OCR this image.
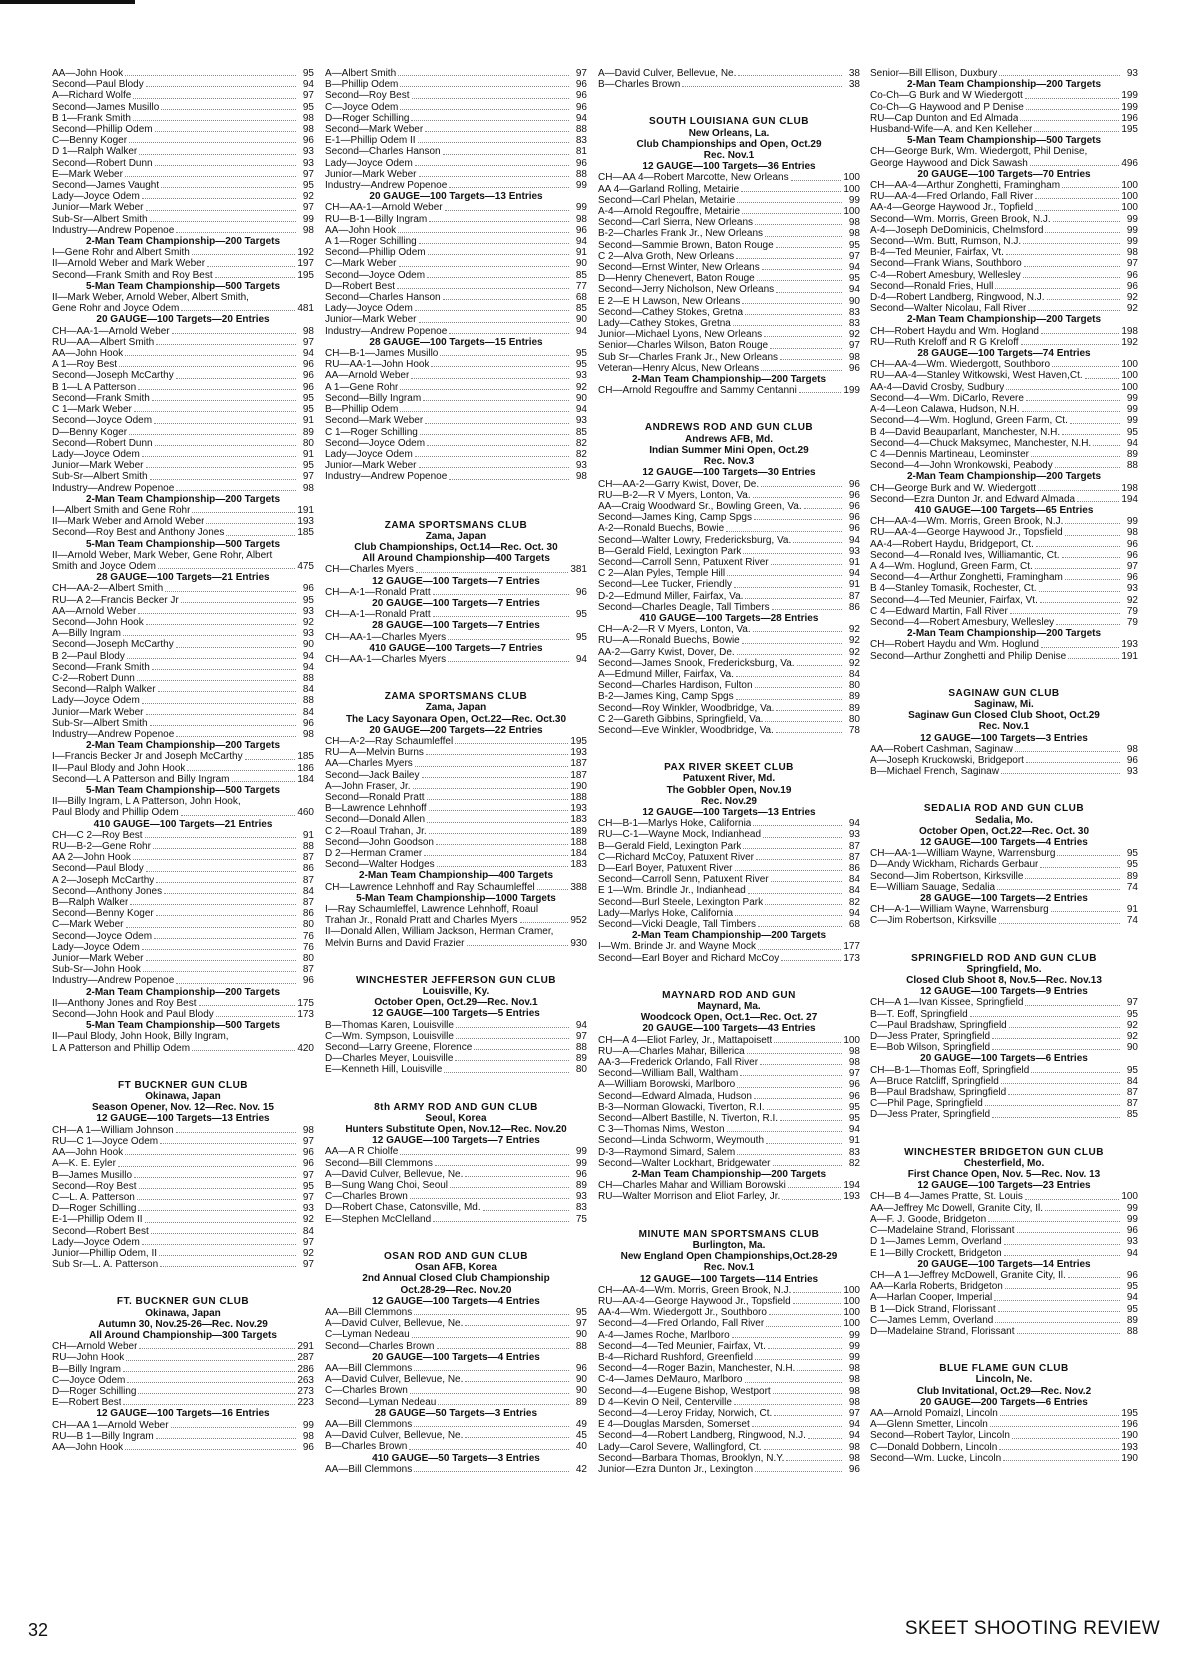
AA—John Hook	95
Second—Paul Blody	94
A—Richard Wolfe	97
Second—James Musillo	95
B 1—Frank Smith	98
Second—Phillip Odem	98
C—Benny Koger	96
D 1—Ralph Walker	93
Second—Robert Dunn	93
E—Mark Weber	97
Second—James Vaught	95
Lady—Joyce Odem	92
Junior—Mark Weber	97
Sub-Sr—Albert Smith	99
Industry—Andrew Popenoe	98
2-Man Team Championship—200 Targets
I—Gene Rohr and Albert Smith	192
II—Arnold Weber and Mark Weber	197
Second—Frank Smith and Roy Best	195
5-Man Team Championship—500 Targets
II—Mark Weber, Arnold Weber, Albert Smith,
Gene Rohr and Joyce Odem	481
20 GAUGE—100 Targets—20 Entries
CH—AA-1—Arnold Weber	98
RU—AA—Albert Smith	97
AA—John Hook	94
A 1—Roy Best	96
Second—Joseph McCarthy	96
B 1—L A Patterson	96
Second—Frank Smith	95
C 1—Mark Weber	95
Second—Joyce Odem	91
D—Benny Koger	89
Second—Robert Dunn	80
Lady—Joyce Odem	91
Junior—Mark Weber	95
Sub-Sr—Albert Smith	97
Industry—Andrew Popenoe	98
2-Man Team Championship—200 Targets
I—Albert Smith and Gene Rohr	191
II—Mark Weber and Arnold Weber	193
Second—Roy Best and Anthony Jones	185
5-Man Team Championship—500 Targets
II—Arnold Weber, Mark Weber, Gene Rohr, Albert
Smith and Joyce Odem	475
28 GAUGE—100 Targets—21 Entries
CH—AA-2—Albert Smith	96
RU—A 2—Francis Becker Jr	95
AA—Arnold Weber	93
Second—John Hook	92
A—Billy Ingram	93
Second—Joseph McCarthy	90
B 2—Paul Blody	94
Second—Frank Smith	94
C-2—Robert Dunn	88
Second—Ralph Walker	84
Lady—Joyce Odem	88
Junior—Mark Weber	84
Sub-Sr—Albert Smith	96
Industry—Andrew Popenoe	98
2-Man Team Championship—200 Targets
I—Francis Becker Jr and Joseph McCarthy	185
II—Paul Blody and John Hook	186
Second—L A Patterson and Billy Ingram	184
5-Man Team Championship—500 Targets
II—Billy Ingram, L A Patterson, John Hook,
Paul Blody and Phillip Odem	460
410 GAUGE—100 Targets—21 Entries
CH—C 2—Roy Best	91
RU—B-2—Gene Rohr	88
AA 2—John Hook	87
Second—Paul Blody	86
A 2—Joseph McCarthy	87
Second—Anthony Jones	84
B—Ralph Walker	87
Second—Benny Koger	86
C—Mark Weber	80
Second—Joyce Odem	76
Lady—Joyce Odem	76
Junior—Mark Weber	80
Sub-Sr—John Hook	87
Industry—Andrew Popenoe	96
2-Man Team Championship—200 Targets
II—Anthony Jones and Roy Best	175
Second—John Hook and Paul Blody	173
5-Man Team Championship—500 Targets
II—Paul Blody, John Hook, Billy Ingram,
L A Patterson and Phillip Odem	420
FT BUCKNER GUN CLUB
Okinawa, Japan
Season Opener, Nov. 12—Rec. Nov. 15
12 GAUGE—100 Targets—13 Entries
CH—A 1—William Johnson	98
RU—C 1—Joyce Odem	97
AA—John Hook	96
A—K. E. Eyler	96
B—James Musillo	97
Second—Roy Best	95
C—L. A. Patterson	97
D—Roger Schilling	93
E-1—Phillip Odem II	92
Second—Robert Best	84
Lady—Joyce Odem	97
Junior—Phillip Odem, II	92
Sub Sr—L. A. Patterson	97
FT. BUCKNER GUN CLUB
Okinawa, Japan
Autumn 30, Nov.25-26—Rec. Nov.29
All Around Championship—300 Targets
CH—Arnold Weber	291
RU—John Hook	287
B—Billy Ingram	286
C—Joyce Odem	263
D—Roger Schilling	273
E—Robert Best	223
12 GAUGE—100 Targets—16 Entries
CH—AA 1—Arnold Weber	99
RU—B 1—Billy Ingram	98
AA—John Hook	96
A—Albert Smith	97
B—Phillip Odem	96
Second—Roy Best	96
C—Joyce Odem	96
D—Roger Schilling	94
Second—Mark Weber	88
E-1—Phillip Odem II	83
Second—Charles Hanson	81
Lady—Joyce Odem	96
Junior—Mark Weber	88
Industry—Andrew Popenoe	99
20 GAUGE—100 Targets—13 Entries
CH—AA-1—Arnold Weber	99
RU—B-1—Billy Ingram	98
AA—John Hook	96
A 1—Roger Schilling	94
Second—Phillip Odem	91
C—Mark Weber	90
Second—Joyce Odem	85
D—Robert Best	77
Second—Charles Hanson	68
Lady—Joyce Odem	85
Junior—Mark Weber	90
Industry—Andrew Popenoe	94
28 GAUGE—100 Targets—15 Entries
CH—B-1—James Musillo	95
RU—AA-1—John Hook	95
AA—Arnold Weber	93
A 1—Gene Rohr	92
Second—Billy Ingram	90
B—Phillip Odem	94
Second—Mark Weber	93
C 1—Roger Schilling	85
Second—Joyce Odem	82
Lady—Joyce Odem	82
Junior—Mark Weber	93
Industry—Andrew Popenoe	98
ZAMA SPORTSMANS CLUB
Zama, Japan
Club Championships, Oct.14—Rec. Oct. 30
All Around Championship—400 Targets
CH—Charles Myers	381
12 GAUGE—100 Targets—7 Entries
CH—A-1—Ronald Pratt	96
20 GAUGE—100 Targets—7 Entries
CH—A-1—Ronald Pratt	95
28 GAUGE—100 Targets—7 Entries
CH—AA-1—Charles Myers	95
410 GAUGE—100 Targets—7 Entries
CH—AA-1—Charles Myers	94
ZAMA SPORTSMANS CLUB
Zama, Japan
The Lacy Sayonara Open, Oct.22—Rec. Oct.30
20 GAUGE—200 Targets—22 Entries
CH—A-2—Ray Schaumleffel	195
RU—A—Melvin Burns	193
AA—Charles Myers	187
Second—Jack Bailey	187
A—John Fraser, Jr.	190
Second—Ronald Pratt	188
B—Lawrence Lehnhoff	193
Second—Donald Allen	183
C 2—Roaul Trahan, Jr.	189
Second—John Goodson	188
D 2—Herman Cramer	184
Second—Walter Hodges	183
2-Man Team Championship—400 Targets
CH—Lawrence Lehnhoff and Ray Schaumleffel	388
5-Man Team Championship—1000 Targets
I—Ray Schaumleffel, Lawrence Lehnhoff, Roaul
Trahan Jr., Ronald Pratt and Charles Myers	952
II—Donald Allen, William Jackson, Herman Cramer,
Melvin Burns and David Frazier	930
WINCHESTER JEFFERSON GUN CLUB
Louisville, Ky.
October Open, Oct.29—Rec. Nov.1
12 GAUGE—100 Targets—5 Entries
B—Thomas Karen, Louisville	94
C—Wm. Sympson, Louisville	97
Second—Larry Greene, Florence	88
D—Charles Meyer, Louisville	89
E—Kenneth Hill, Louisville	80
8th ARMY ROD AND GUN CLUB
Seoul, Korea
Hunters Substitute Open, Nov.12—Rec. Nov.20
12 GAUGE—100 Targets—7 Entries
AA—A R Chiolfe	99
Second—Bill Clemmons	99
A—David Culver, Bellevue, Ne.	96
B—Sung Wang Choi, Seoul	89
C—Charles Brown	93
D—Robert Chase, Catonsville, Md.	83
E—Stephen McClelland	75
OSAN ROD AND GUN CLUB
Osan AFB, Korea
2nd Annual Closed Club Championship
Oct.28-29—Rec. Nov.20
12 GAUGE—100 Targets—4 Entries
AA—Bill Clemmons	95
A—David Culver, Bellevue, Ne.	97
C—Lyman Nedeau	90
Second—Charles Brown	88
20 GAUGE—100 Targets—4 Entries
AA—Bill Clemmons	96
A—David Culver, Bellevue, Ne.	90
C—Charles Brown	90
Second—Lyman Nedeau	89
28 GAUGE—50 Targets—3 Entries
AA—Bill Clemmons	49
A—David Culver, Bellevue, Ne.	45
B—Charles Brown	40
410 GAUGE—50 Targets—3 Entries
AA—Bill Clemmons	42
A—David Culver, Bellevue, Ne.	38
B—Charles Brown	38
SOUTH LOUISIANA GUN CLUB
New Orleans, La.
Club Championships and Open, Oct.29
Rec. Nov.1
12 GAUGE—100 Targets—36 Entries
CH—AA 4—Robert Marcotte, New Orleans	100
AA 4—Garland Rolling, Metairie	100
Second—Carl Phelan, Metairie	99
A-4—Arnold Regouffre, Metairie	100
Second—Carl Sierra, New Orleans	98
B-2—Charles Frank Jr., New Orleans	98
Second—Sammie Brown, Baton Rouge	95
C 2—Alva Groth, New Orleans	97
Second—Ernst Winter, New Orleans	94
D—Henry Chenevert, Baton Rouge	95
Second—Jerry Nicholson, New Orleans	94
E 2—E H Lawson, New Orleans	90
Second—Cathey Stokes, Gretna	83
Lady—Cathey Stokes, Gretna	83
Junior—Michael Lyons, New Orleans	92
Senior—Charles Wilson, Baton Rouge	97
Sub Sr—Charles Frank Jr., New Orleans	98
Veteran—Henry Alcus, New Orleans	96
2-Man Team Championship—200 Targets
CH—Arnold Regouffre and Sammy Centanni	199
ANDREWS ROD AND GUN CLUB
Andrews AFB, Md.
Indian Summer Mini Open, Oct.29
Rec. Nov.3
12 GAUGE—100 Targets—30 Entries
CH—AA-2—Garry Kwist, Dover, De.	96
RU—B-2—R V Myers, Lonton, Va.	96
AA—Craig Woodward Sr., Bowling Green, Va.	96
Second—James King, Camp Spgs	96
A-2—Ronald Buechs, Bowie	96
Second—Walter Lowry, Fredericksburg, Va.	94
B—Gerald Field, Lexington Park	93
Second—Carroll Senn, Patuxent River	91
C 2—Alan Pyles, Temple Hill	94
Second—Lee Tucker, Friendly	91
D-2—Edmund Miller, Fairfax, Va.	87
Second—Charles Deagle, Tall Timbers	86
410 GAUGE—100 Targets—28 Entries
CH—A-2—R V Myers, Lonton, Va.	92
RU—A—Ronald Buechs, Bowie	92
AA-2—Garry Kwist, Dover, De.	92
Second—James Snook, Fredericksburg, Va.	92
A—Edmund Miller, Fairfax, Va.	84
Second—Charles Hardison, Fulton	80
B-2—James King, Camp Spgs	89
Second—Roy Winkler, Woodbridge, Va.	89
C 2—Gareth Gibbins, Springfield, Va.	80
Second—Eve Winkler, Woodbridge, Va.	78
PAX RIVER SKEET CLUB
Patuxent River, Md.
The Gobbler Open, Nov.19
Rec. Nov.29
12 GAUGE—100 Targets—13 Entries
CH—B-1—Marlys Hoke, California	94
RU—C-1—Wayne Mock, Indianhead	93
B—Gerald Field, Lexington Park	87
C—Richard McCoy, Patuxent River	87
D—Earl Boyer, Patuxent River	86
Second—Carroll Senn, Patuxent River	84
E 1—Wm. Brindle Jr., Indianhead	84
Second—Burl Steele, Lexington Park	82
Lady—Marlys Hoke, California	94
Second—Vicki Deagle, Tall Timbers	68
2-Man Team Championship—200 Targets
I—Wm. Brinde Jr. and Wayne Mock	177
Second—Earl Boyer and Richard McCoy	173
MAYNARD ROD AND GUN
Maynard, Ma.
Woodcock Open, Oct.1—Rec. Oct. 27
20 GAUGE—100 Targets—43 Entries
CH—A 4—Eliot Farley, Jr., Mattapoisett	100
RU—A—Charles Mahar, Billerica	98
AA-3—Frederick Orlando, Fall River	98
Second—William Ball, Waltham	97
A—William Borowski, Marlboro	96
Second—Edward Almada, Hudson	96
B-3—Norman Glowacki, Tiverton, R.I.	95
Second—Albert Bastille, N. Tiverton, R.I.	95
C 3—Thomas Nims, Weston	94
Second—Linda Schworm, Weymouth	91
D-3—Raymond Simard, Salem	83
Second—Walter Lockhart, Bridgewater	82
2-Man Team Championship—200 Targets
CH—Charles Mahar and William Borowski	194
RU—Walter Morrison and Eliot Farley, Jr.	193
MINUTE MAN SPORTSMANS CLUB
Burlington, Ma.
New England Open Championships,Oct.28-29
Rec. Nov.1
12 GAUGE—100 Targets—114 Entries
CH—AA-4—Wm. Morris, Green Brook, N.J.	100
RU—AA-4—George Haywood Jr., Topsfield	100
AA-4—Wm. Wiedergott Jr., Southboro	100
Second—4—Fred Orlando, Fall River	100
A-4—James Roche, Marlboro	99
Second—4—Ted Meunier, Fairfax, Vt.	99
B-4—Richard Rushford, Greenfield	99
Second—4—Roger Bazin, Manchester, N.H.	98
C-4—James DeMauro, Marlboro	98
Second—4—Eugene Bishop, Westport	98
D 4—Kevin O Neil, Centerville	98
Second—4—Leroy Friday, Norwich, Ct.	97
E 4—Douglas Marsden, Somerset	94
Second—4—Robert Landberg, Ringwood, N.J.	94
Lady—Carol Severe, Wallingford, Ct.	98
Second—Barbara Thomas, Brooklyn, N.Y.	98
Junior—Ezra Dunton Jr., Lexington	96
Senior—Bill Ellison, Duxbury	93
2-Man Team Championship—200 Targets
Co-Ch—G Burk and W Wiedergott	199
Co-Ch—G Haywood and P Denise	199
RU—Cap Dunton and Ed Almada	196
Husband-Wife—A. and Ken Kelleher	195
5-Man Team Championship—500 Targets
CH—George Burk, Wm. Wiedergott, Phil Denise,
George Haywood and Dick Sawash	496
20 GAUGE—100 Targets—70 Entries
CH—AA-4—Arthur Zonghetti, Framingham	100
RU—AA-4—Fred Orlando, Fall River	100
AA-4—George Haywood Jr., Topfield	100
Second—Wm. Morris, Green Brook, N.J.	99
A-4—Joseph DeDominicis, Chelmsford	99
Second—Wm. Butt, Rumson, N.J.	99
B-4—Ted Meunier, Fairfax, Vt.	98
Second—Frank Wians, Southboro	97
C-4—Robert Amesbury, Wellesley	96
Second—Ronald Fries, Hull	96
D-4—Robert Landberg, Ringwood, N.J.	92
Second—Walter Nicolau, Fall River	92
2-Man Team Championship—200 Targets
CH—Robert Haydu and Wm. Hogland	198
RU—Ruth Kreloff and R G Kreloff	192
28 GAUGE—100 Targets—74 Entries
CH—AA-4—Wm. Wiedergott, Southboro	100
RU—AA-4—Stanley Witkowski, West Haven,Ct.	100
AA-4—David Crosby, Sudbury	100
Second—4—Wm. DiCarlo, Revere	99
A-4—Leon Calawa, Hudson, N.H.	99
Second—4—Wm. Hoglund, Green Farm, Ct.	99
B 4—David Beauparlant, Manchester, N.H.	95
Second—4—Chuck Maksymec, Manchester, N.H.	94
C 4—Dennis Martineau, Leominster	89
Second—4—John Wronkowski, Peabody	88
2-Man Team Championship—200 Targets
CH—George Burk and W. Wiedergott	198
Second—Ezra Dunton Jr. and Edward Almada	194
410 GAUGE—100 Targets—65 Entries
CH—AA-4—Wm. Morris, Green Brook, N.J.	99
RU—AA-4—George Haywood Jr., Topsfield	98
AA-4—Robert Haydu, Bridgeport, Ct.	96
Second—4—Ronald Ives, Williamantic, Ct.	96
A 4—Wm. Hoglund, Green Farm, Ct.	97
Second—4—Arthur Zonghetti, Framingham	96
B 4—Stanley Tomasik, Rochester, Ct.	93
Second—4—Ted Meunier, Fairfax, Vt.	92
C 4—Edward Martin, Fall River	79
Second—4—Robert Amesbury, Wellesley	79
2-Man Team Championship—200 Targets
CH—Robert Haydu and Wm. Hoglund	193
Second—Arthur Zonghetti and Philip Denise	191
SAGINAW GUN CLUB
Saginaw, Mi.
Saginaw Gun Closed Club Shoot, Oct.29
Rec. Nov.1
12 GAUGE—100 Targets—3 Entries
AA—Robert Cashman, Saginaw	98
A—Joseph Kruckowski, Bridgeport	96
B—Michael French, Saginaw	93
SEDALIA ROD AND GUN CLUB
Sedalia, Mo.
October Open, Oct.22—Rec. Oct. 30
12 GAUGE—100 Targets—4 Entries
CH—AA-1—William Wayne, Warrensburg	95
D—Andy Wickham, Richards Gerbaur	95
Second—Jim Robertson, Kirksville	89
E—William Sauage, Sedalia	74
28 GAUGE—100 Targets—2 Entries
CH—A-1—William Wayne, Warrensburg	91
C—Jim Robertson, Kirksville	74
SPRINGFIELD ROD AND GUN CLUB
Springfield, Mo.
Closed Club Shoot 8, Nov.5—Rec. Nov.13
12 GAUGE—100 Targets—9 Entries
CH—A 1—Ivan Kissee, Springfield	97
B—T. Eoff, Springfield	95
C—Paul Bradshaw, Springfield	92
D—Jess Prater, Springfield	92
E—Bob Wilson, Springfield	90
20 GAUGE—100 Targets—6 Entries
CH—B-1—Thomas Eoff, Springfield	95
A—Bruce Ratcliff, Springfield	84
B—Paul Bradshaw, Springfield	87
C—Phil Page, Springfield	87
D—Jess Prater, Springfield	85
WINCHESTER BRIDGETON GUN CLUB
Chesterfield, Mo.
First Chance Open, Nov. 5—Rec. Nov. 13
12 GAUGE—100 Targets—23 Entries
CH—B 4—James Pratte, St. Louis	100
AA—Jeffrey Mc Dowell, Granite City, Il.	99
A—F. J. Goode, Bridgeton	99
C—Madelaine Strand, Florissant	96
D 1—James Lemm, Overland	93
E 1—Billy Crockett, Bridgeton	94
20 GAUGE—100 Targets—14 Entries
CH—A 1—Jeffrey McDowell, Granite City, Il.	96
AA—Karla Roberts, Bridgeton	95
A—Harlan Cooper, Imperial	94
B 1—Dick Strand, Florissant	95
C—James Lemm, Overland	89
D—Madelaine Strand, Florissant	88
BLUE FLAME GUN CLUB
Lincoln, Ne.
Club Invitational, Oct.29—Rec. Nov.2
20 GAUGE—200 Targets—6 Entries
AA—Arnold Pomaizl, Lincoln	195
A—Glenn Smetter, Lincoln	196
Second—Robert Taylor, Lincoln	190
C—Donald Dobbern, Lincoln	193
Second—Wm. Lucke, Lincoln	190
32	SKEET SHOOTING REVIEW
